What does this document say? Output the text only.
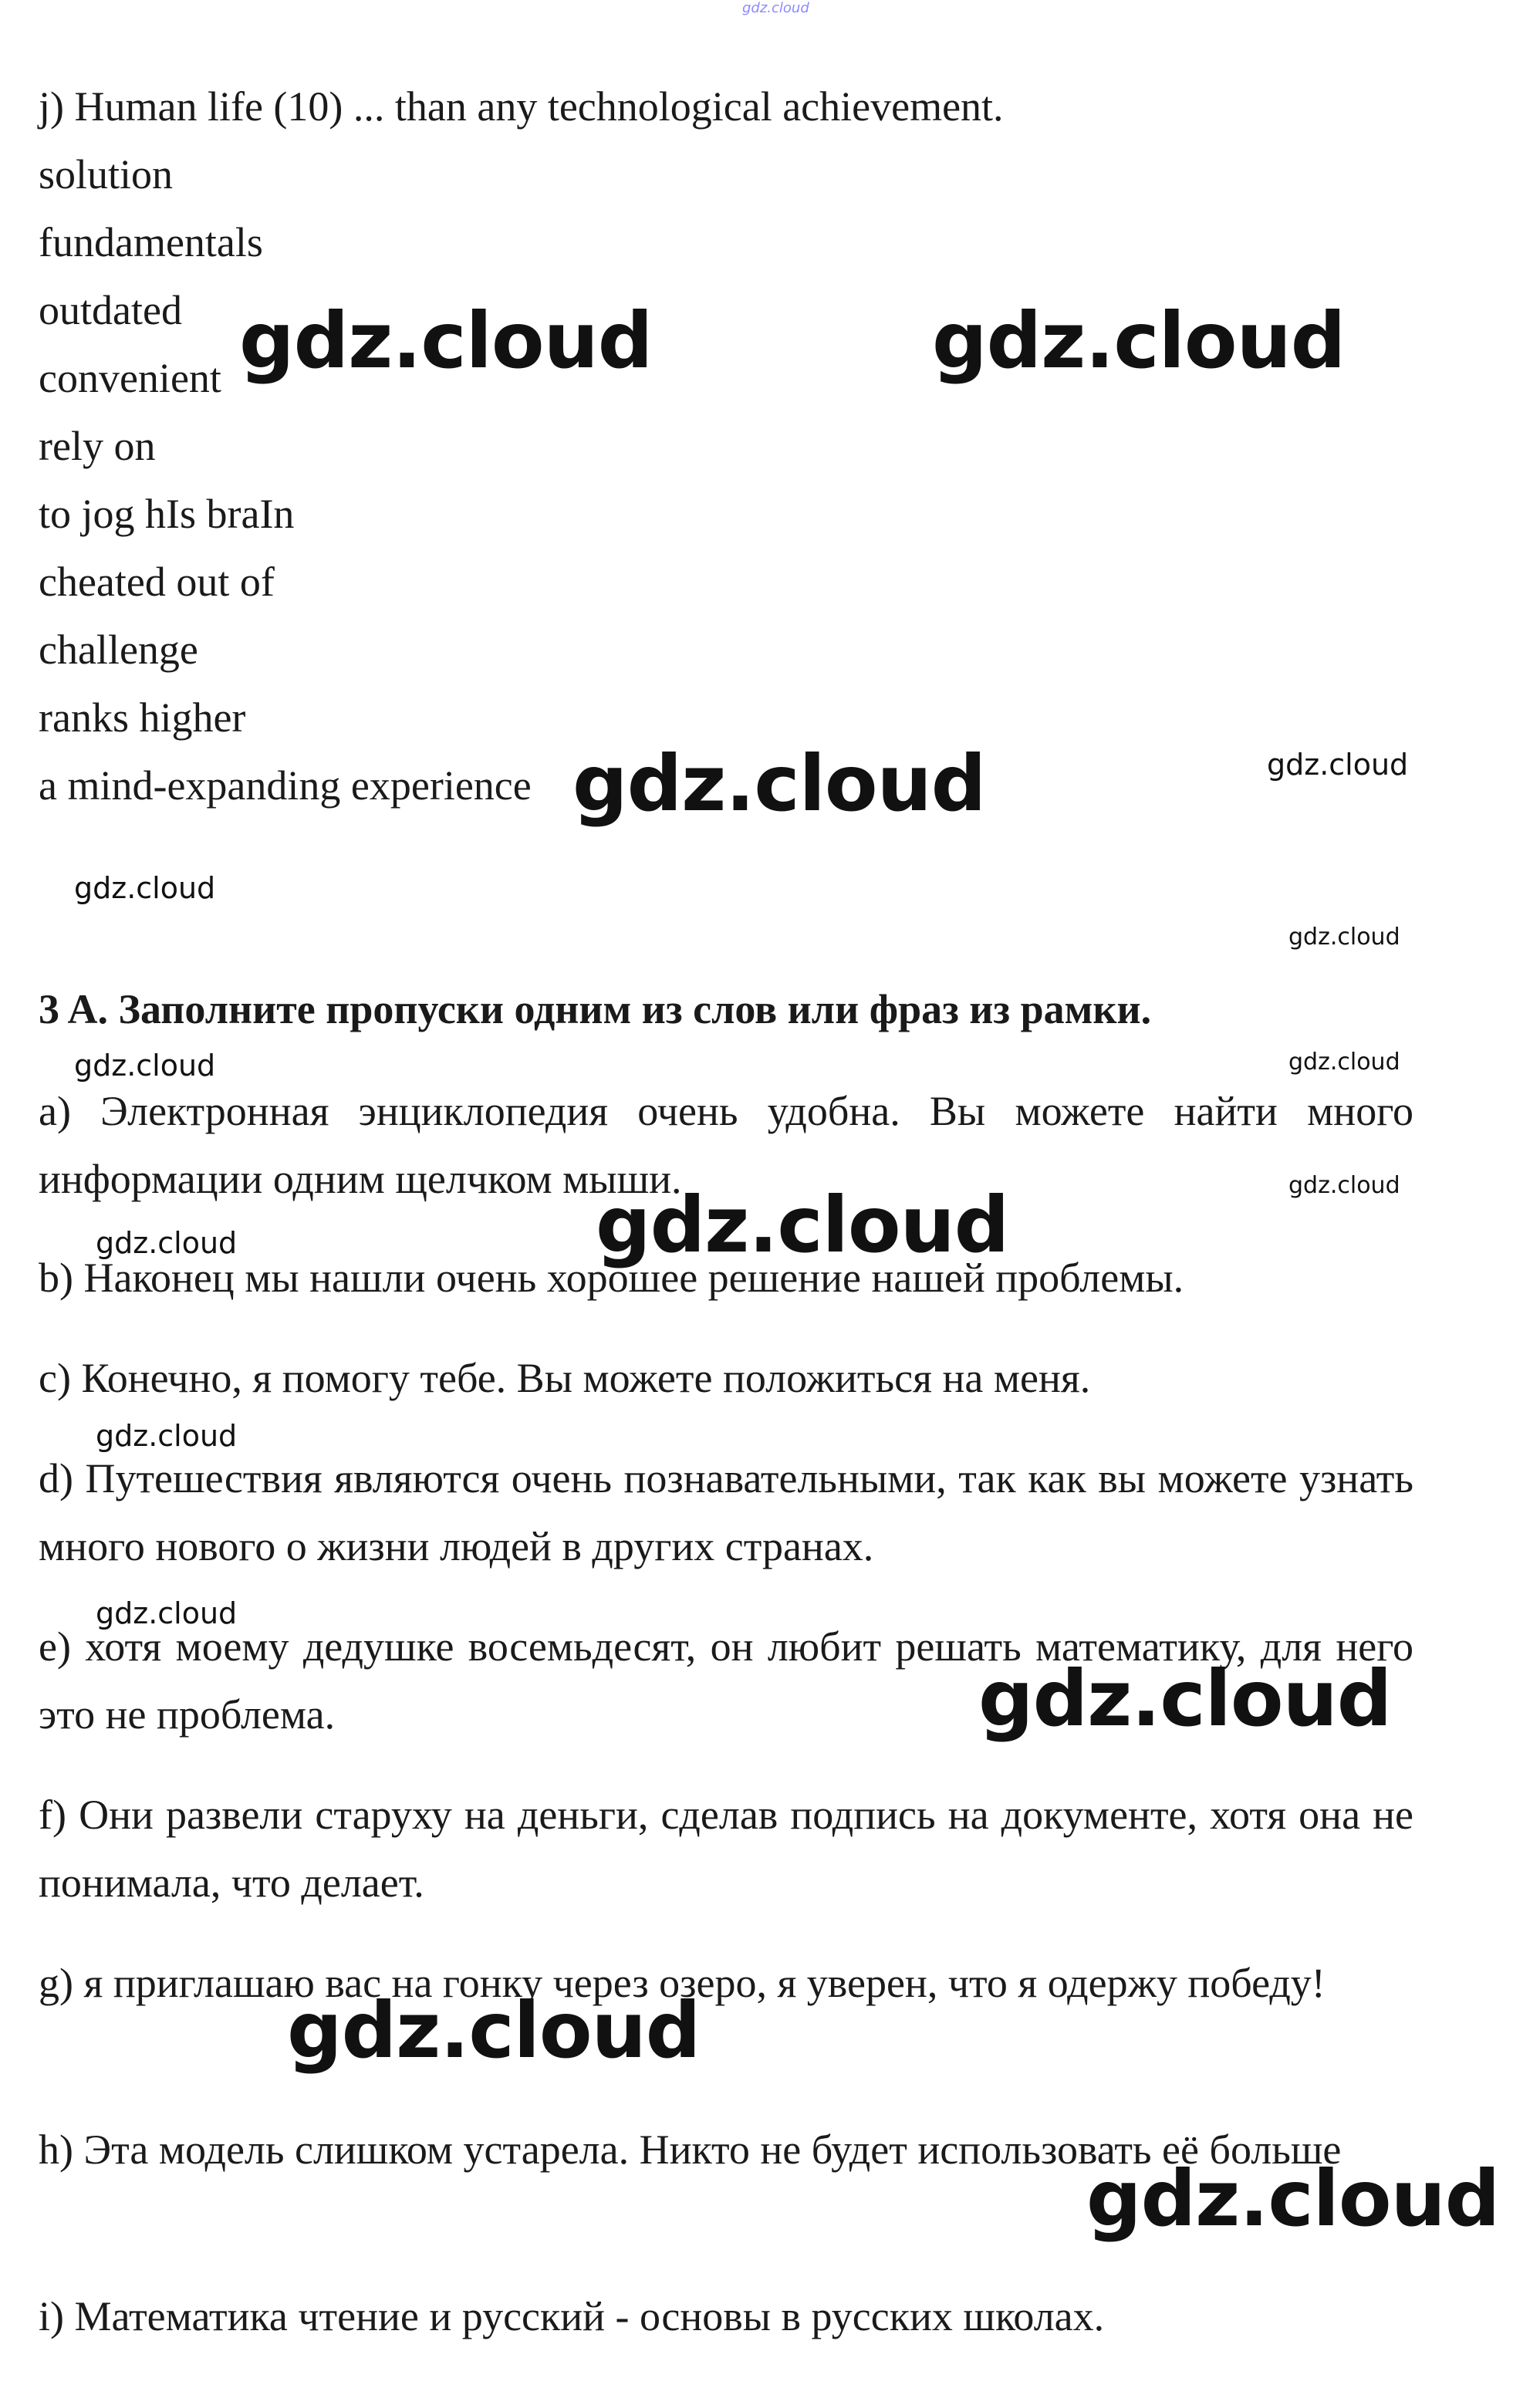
gdz.cloud
j) Human life (10) ... than any technological achievement.
solution
fundamentals
outdated
convenient
rely on
to jog hIs braIn
cheated out of
challenge
ranks higher
a mind-expanding experience
3 A. Заполните пропуски одним из слов или фраз из рамки.
a) Электронная энциклопедия очень удобна. Вы можете найти много информации одним щелчком мыши.
b) Наконец мы нашли очень хорошее решение нашей проблемы.
c) Конечно, я помогу тебе. Вы можете положиться на меня.
d) Путешествия являются очень познавательными, так как вы можете узнать много нового о жизни людей в других странах.
e) хотя моему дедушке восемьдесят, он любит решать математику, для него это не проблема.
f) Они развели старуху на деньги, сделав подпись на документе, хотя она не понимала, что делает.
g) я приглашаю вас на гонку через озеро, я уверен, что я одержу победу!
h) Эта модель слишком устарела. Никто не будет использовать её больше
i) Математика чтение и русский - основы в русских школах.
gdz.cloud	gdz.cloud
gdz.cloud	gdz.cloud
gdz.cloud
gdz.cloud
gdz.cloud	gdz.cloud
gdz.cloud
gdz.cloud
gdz.cloud
gdz.cloud
gdz.cloud
gdz.cloud
gdz.cloud
gdz.cloud
